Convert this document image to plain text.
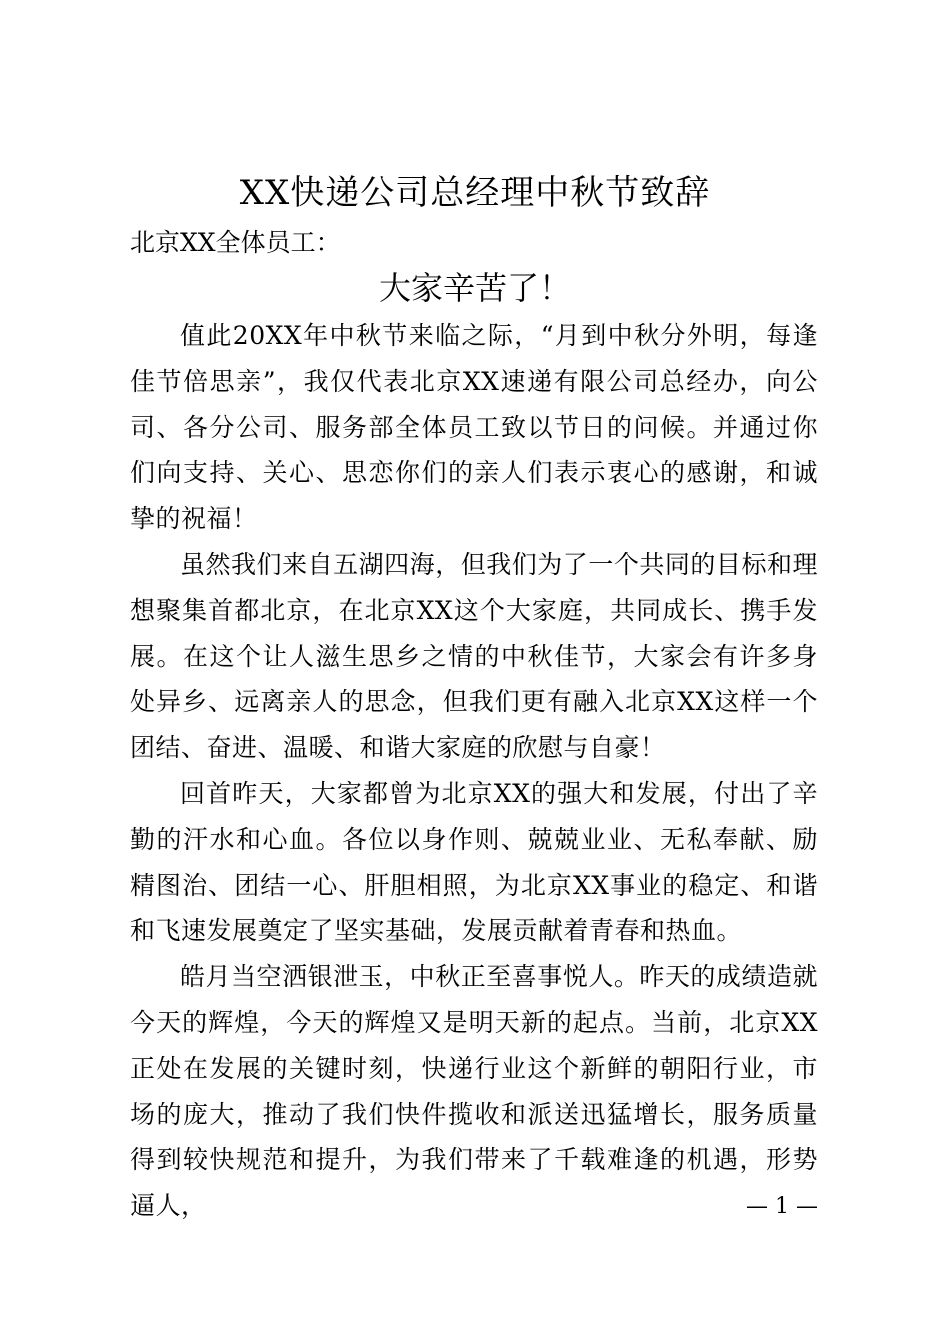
XX快递公司总经理中秋节致辞
北京XX全体员工：
大家辛苦了！

值此20XX年中秋节来临之际，“月到中秋分外明，每逢佳节倍思亲”，我仅代表北京XX速递有限公司总经办，向公司、各分公司、服务部全体员工致以节日的问候。并通过你们向支持、关心、思恋你们的亲人们表示衷心的感谢，和诚挚的祝福！

虽然我们来自五湖四海，但我们为了一个共同的目标和理想聚集首都北京，在北京XX这个大家庭，共同成长、携手发展。在这个让人滋生思乡之情的中秋佳节，大家会有许多身处异乡、远离亲人的思念，但我们更有融入北京XX这样一个团结、奋进、温暖、和谐大家庭的欣慰与自豪！

回首昨天，大家都曾为北京XX的强大和发展，付出了辛勤的汗水和心血。各位以身作则、兢兢业业、无私奉献、励精图治、团结一心、肝胆相照，为北京XX事业的稳定、和谐和飞速发展奠定了坚实基础，发展贡献着青春和热血。

皓月当空洒银泄玉，中秋正至喜事悦人。昨天的成绩造就今天的辉煌，今天的辉煌又是明天新的起点。当前，北京XX正处在发展的关键时刻，快递行业这个新鲜的朝阳行业，市场的庞大，推动了我们快件揽收和派送迅猛增长，服务质量得到较快规范和提升，为我们带来了千载难逢的机遇，形势逼人，	— 1 —
